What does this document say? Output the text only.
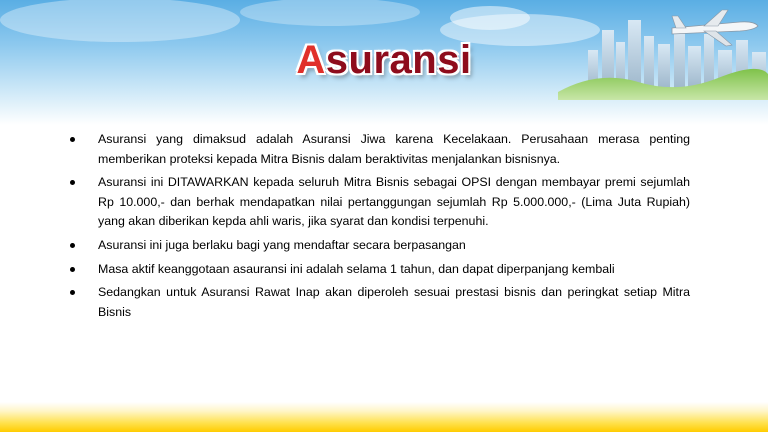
Asuransi
Asuransi yang dimaksud adalah Asuransi Jiwa karena Kecelakaan. Perusahaan merasa penting memberikan proteksi kepada Mitra Bisnis dalam beraktivitas menjalankan bisnisnya.
Asuransi ini DITAWARKAN kepada seluruh Mitra Bisnis sebagai OPSI dengan membayar premi sejumlah Rp 10.000,- dan berhak mendapatkan nilai pertanggungan sejumlah Rp 5.000.000,- (Lima Juta Rupiah) yang akan diberikan kepda ahli waris, jika syarat dan kondisi terpenuhi.
Asuransi ini juga berlaku bagi yang mendaftar secara berpasangan
Masa aktif keanggotaan asauransi ini adalah selama 1 tahun, dan dapat diperpanjang kembali
Sedangkan untuk Asuransi Rawat Inap akan diperoleh sesuai prestasi bisnis dan peringkat setiap Mitra Bisnis
